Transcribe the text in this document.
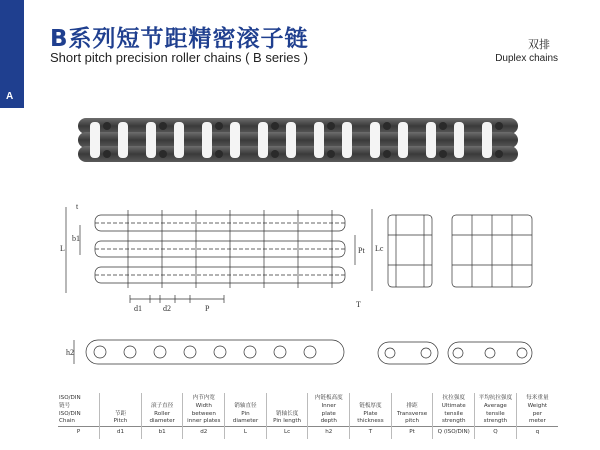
A
B系列短节距精密滚子链
Short pitch precision roller chains ( B series )
双排
Duplex chains
L
b1
t
Pt Lc
d1	d2	P	T
h2
ISO/DIN
链号
ISO/DIN
Chain	节距
Pitch	滚子直径
Roller
diameter	内节内宽
Width
between
inner plates	销轴直径
Pin
diameter	销轴长度
Pin length	内链板高度
Inner
plate
depth	链板厚度
Plate
thickness	排距
Transverse
pitch	抗拉强度
Ultimate
tensile
strength	平均抗拉强度
Average
tensile
strength	每米重量
Weight
per
meter

P	d1	b1	d2	L	Lc	h2	T	Pt	Q (ISO/DIN)	Q	q
